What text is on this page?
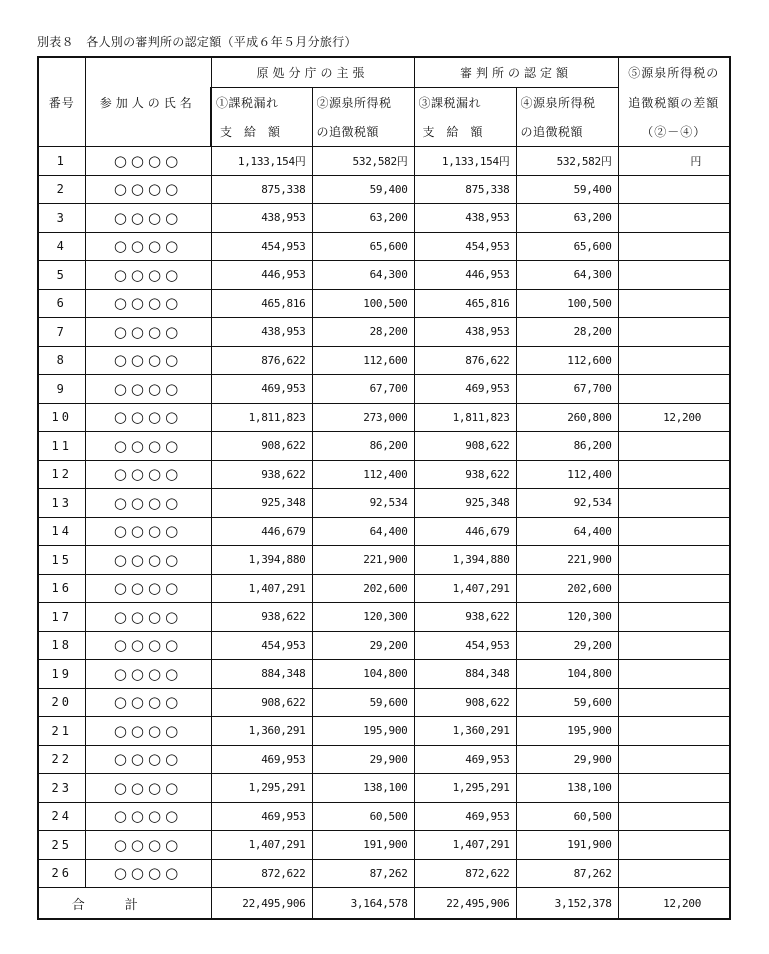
別表８　各人別の審判所の認定額（平成６年５月分旅行）
番号	参加人の氏名	原処分庁の主張		審判所の認定額		⑤源泉所得税の
		①課税漏れ	②源泉所得税	③課税漏れ	④源泉所得税	追徴税額の差額
		支　給　額	の追徴税額	支　給　額	の追徴税額	（②－④）
1	○○○○	1,133,154円	532,582円	1,133,154円	532,582円	円
2	○○○○	875,338	59,400	875,338	59,400	
3	○○○○	438,953	63,200	438,953	63,200	
4	○○○○	454,953	65,600	454,953	65,600	
5	○○○○	446,953	64,300	446,953	64,300	
6	○○○○	465,816	100,500	465,816	100,500	
7	○○○○	438,953	28,200	438,953	28,200	
8	○○○○	876,622	112,600	876,622	112,600	
9	○○○○	469,953	67,700	469,953	67,700	
10	○○○○	1,811,823	273,000	1,811,823	260,800	12,200
11	○○○○	908,622	86,200	908,622	86,200	
12	○○○○	938,622	112,400	938,622	112,400	
13	○○○○	925,348	92,534	925,348	92,534	
14	○○○○	446,679	64,400	446,679	64,400	
15	○○○○	1,394,880	221,900	1,394,880	221,900	
16	○○○○	1,407,291	202,600	1,407,291	202,600	
17	○○○○	938,622	120,300	938,622	120,300	
18	○○○○	454,953	29,200	454,953	29,200	
19	○○○○	884,348	104,800	884,348	104,800	
20	○○○○	908,622	59,600	908,622	59,600	
21	○○○○	1,360,291	195,900	1,360,291	195,900	
22	○○○○	469,953	29,900	469,953	29,900	
23	○○○○	1,295,291	138,100	1,295,291	138,100	
24	○○○○	469,953	60,500	469,953	60,500	
25	○○○○	1,407,291	191,900	1,407,291	191,900	
26	○○○○	872,622	87,262	872,622	87,262	
合計		22,495,906	3,164,578	22,495,906	3,152,378	12,200
